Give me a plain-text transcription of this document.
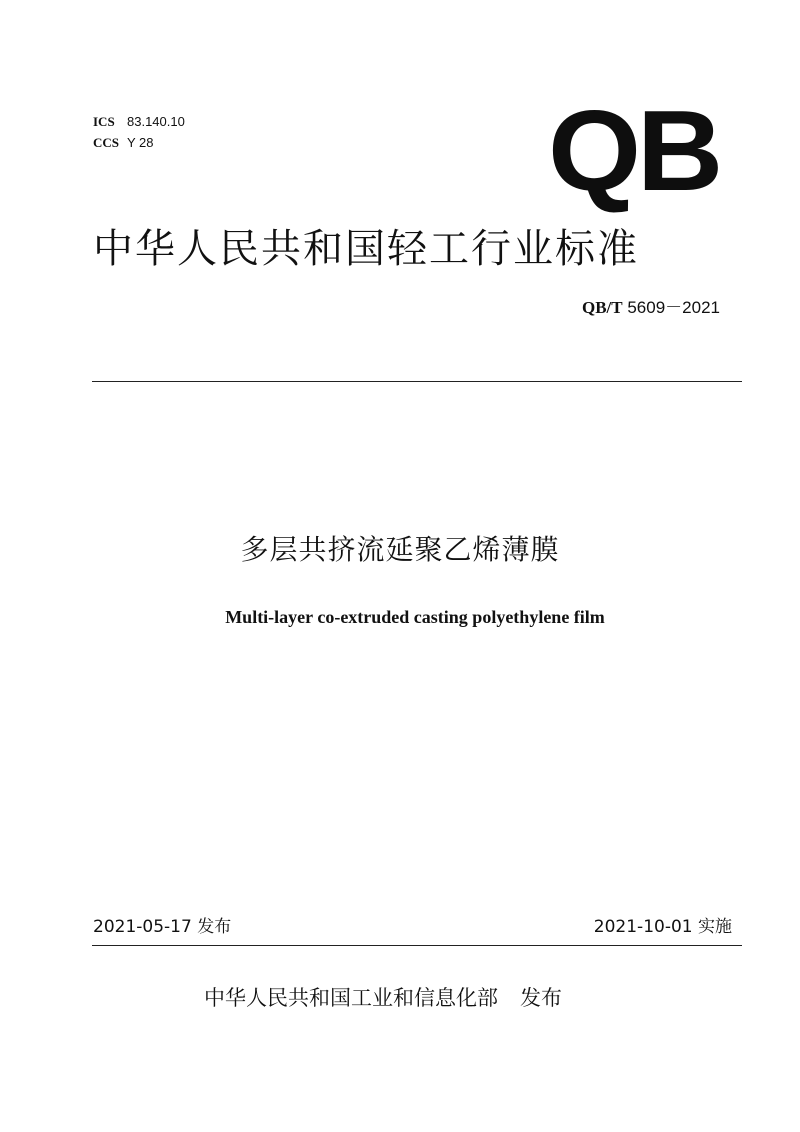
ICS 83.140.10
CCS Y 28	QB
中华人民共和国轻工行业标准
QB/T 5609－2021
多层共挤流延聚乙烯薄膜
Multi-layer co-extruded casting polyethylene film
2021-05-17 发布	2021-10-01 实施
中华人民共和国工业和信息化部 发布
